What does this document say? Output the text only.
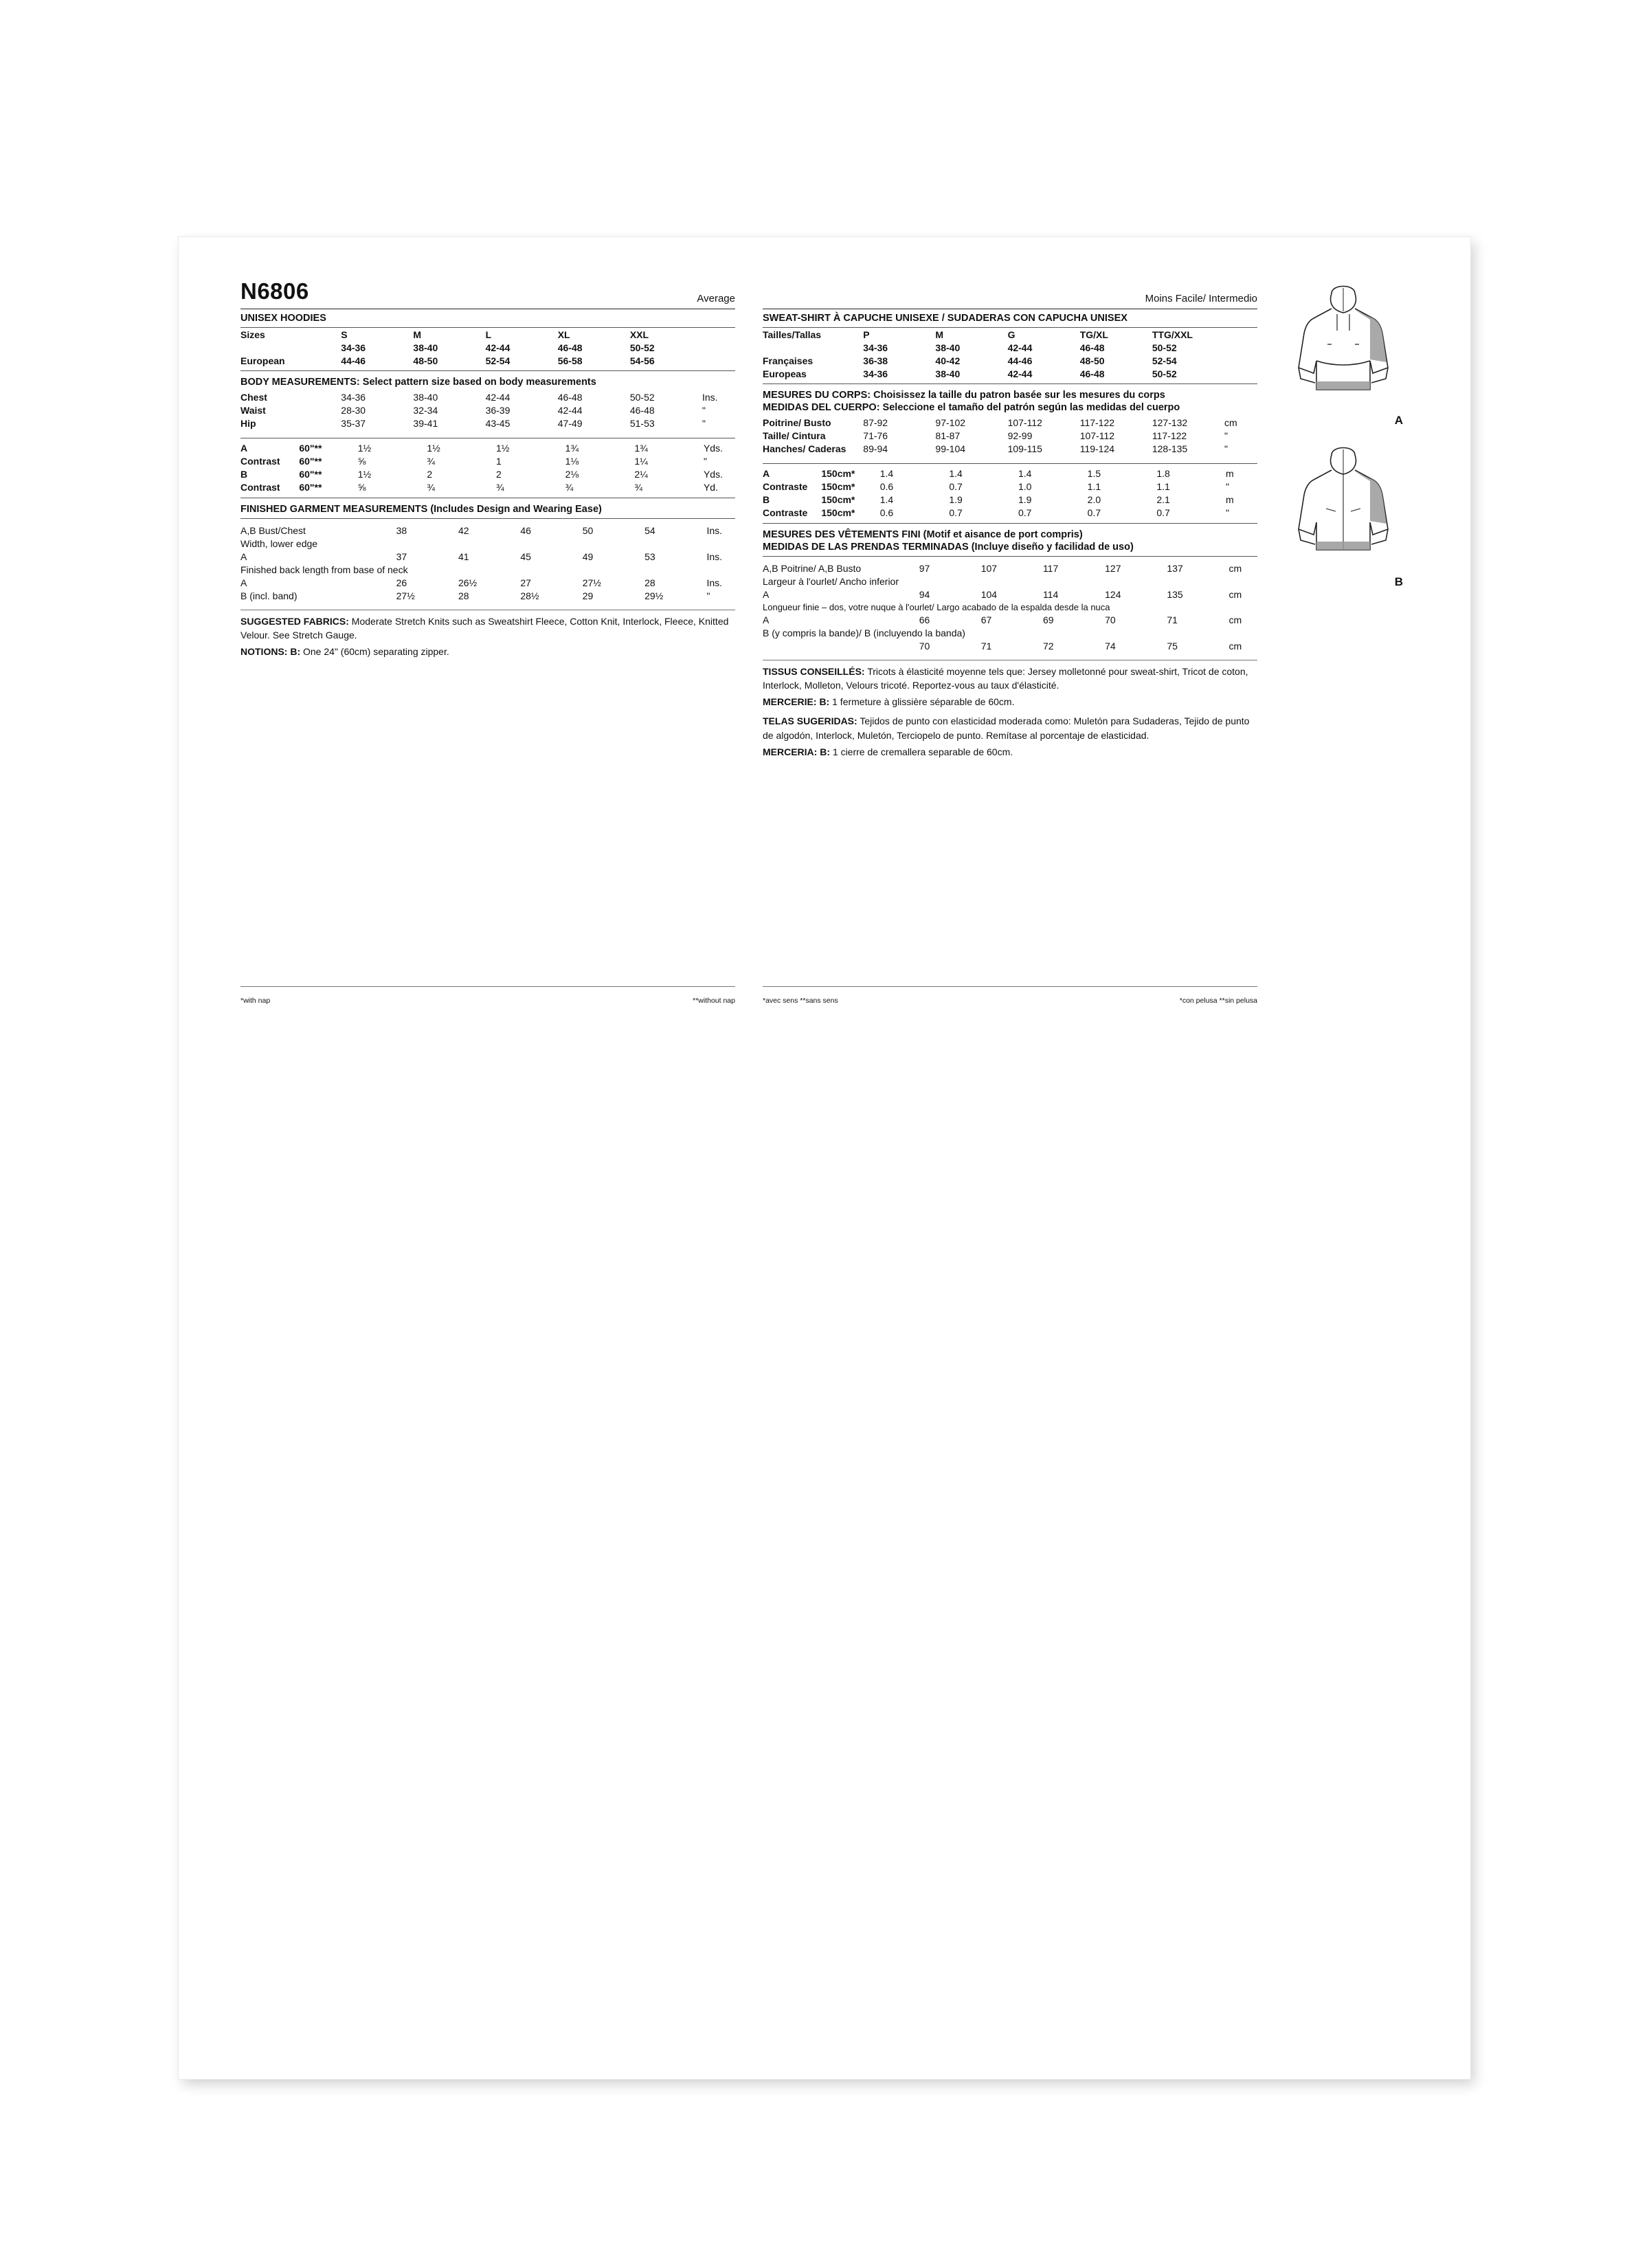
N6806	Average
UNISEX HOODIES
Sizes	S	M	L	XL	XXL	
	34-36	38-40	42-44	46-48	50-52	
European	44-46	48-50	52-54	56-58	54-56	
BODY MEASUREMENTS: Select pattern size based on body measurements
Chest	34-36	38-40	42-44	46-48	50-52	Ins.
Waist	28-30	32-34	36-39	42-44	46-48	"
Hip	35-37	39-41	43-45	47-49	51-53	"
A	60"**	1½	1½	1½	1¾	1¾	Yds.
Contrast	60"**	⅝	¾	1	1⅛	1¼	"
B	60"**	1½	2	2	2⅛	2¼	Yds.
Contrast	60"**	⅝	¾	¾	¾	¾	Yd.
FINISHED GARMENT MEASUREMENTS (Includes Design and Wearing Ease)
A,B Bust/Chest	38	42	46	50	54	Ins.
Width, lower edge						
A	37	41	45	49	53	Ins.
Finished back length from base of neck						
A	26	26½	27	27½	28	Ins.
B (incl. band)	27½	28	28½	29	29½	"
SUGGESTED FABRICS: Moderate Stretch Knits such as Sweatshirt Fleece, Cotton Knit, Interlock, Fleece, Knitted Velour. See Stretch Gauge.
NOTIONS: B: One 24" (60cm) separating zipper.
*with nap	**without nap
Moins Facile/ Intermedio
SWEAT-SHIRT À CAPUCHE UNISEXE / SUDADERAS CON CAPUCHA UNISEX
Tailles/Tallas	P	M	G	TG/XL	TTG/XXL	
	34-36	38-40	42-44	46-48	50-52	
Françaises	36-38	40-42	44-46	48-50	52-54	
Europeas	34-36	38-40	42-44	46-48	50-52	
MESURES DU CORPS: Choisissez la taille du patron basée sur les mesures du corps
MEDIDAS DEL CUERPO: Seleccione el tamaño del patrón según las medidas del cuerpo
Poitrine/ Busto	87-92	97-102	107-112	117-122	127-132	cm
Taille/ Cintura	71-76	81-87	92-99	107-112	117-122	"
Hanches/ Caderas	89-94	99-104	109-115	119-124	128-135	"
A	150cm*	1.4	1.4	1.4	1.5	1.8	m
Contraste	150cm*	0.6	0.7	1.0	1.1	1.1	"
B	150cm*	1.4	1.9	1.9	2.0	2.1	m
Contraste	150cm*	0.6	0.7	0.7	0.7	0.7	"
MESURES DES VÊTEMENTS FINI (Motif et aisance de port compris)
MEDIDAS DE LAS PRENDAS TERMINADAS (Incluye diseño y facilidad de uso)
A,B Poitrine/ A,B Busto	97	107	117	127	137	cm
Largeur à l'ourlet/ Ancho inferior						
A	94	104	114	124	135	cm
Longueur finie – dos, votre nuque à l'ourlet/ Largo acabado de la espalda desde la nuca						
A	66	67	69	70	71	cm
B (y compris la bande)/ B (incluyendo la banda)						
	70	71	72	74	75	cm
TISSUS CONSEILLÉS: Tricots à élasticité moyenne tels que: Jersey molletonné pour sweat-shirt, Tricot de coton, Interlock, Molleton, Velours tricoté. Reportez-vous au taux d'élasticité.
MERCERIE: B: 1 fermeture à glissière séparable de 60cm.
TELAS SUGERIDAS: Tejidos de punto con elasticidad moderada como: Muletón para Sudaderas, Tejido de punto de algodón, Interlock, Muletón, Terciopelo de punto. Remítase al porcentaje de elasticidad.
MERCERIA: B: 1 cierre de cremallera separable de 60cm.
*avec sens **sans sens	*con pelusa **sin pelusa
A
B
